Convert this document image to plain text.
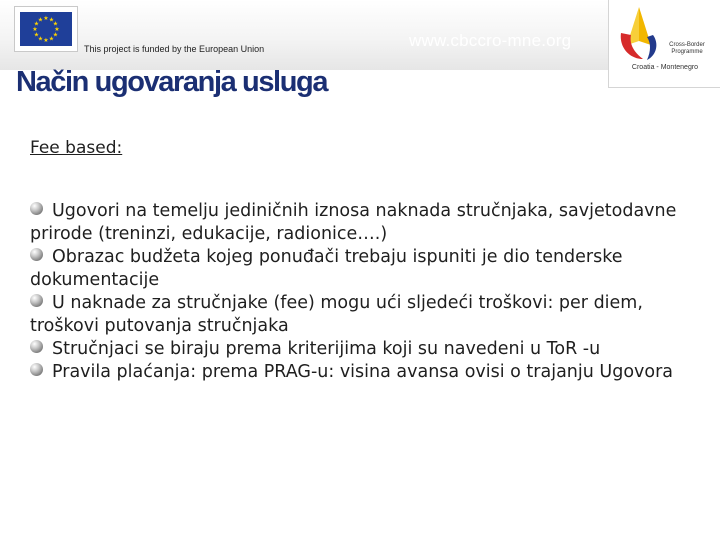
★ ★
★
★
★
★
★
★
★
★
★
★
This project is funded by the European Union	www.cbccro-mne.org	Cross-Border Programme
Croatia - Montenegro
Način ugovaranja usluga
Fee based:
Ugovori na temelju jediničnih iznosa naknada stručnjaka, savjetodavne prirode (treninzi, edukacije, radionice….)
Obrazac budžeta kojeg ponuđači trebaju ispuniti je dio tenderske dokumentacije
U naknade za stručnjake (fee) mogu ući sljedeći troškovi: per diem, troškovi putovanja stručnjaka
Stručnjaci se biraju prema kriterijima koji su navedeni u ToR -u
Pravila plaćanja: prema PRAG-u: visina avansa ovisi o trajanju Ugovora
